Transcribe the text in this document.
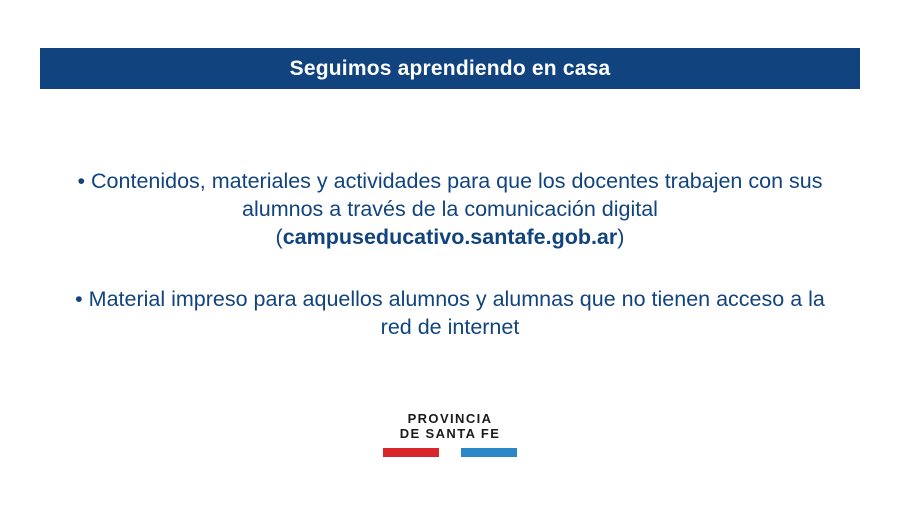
Seguimos aprendiendo en casa

• Contenidos, materiales y actividades para que los docentes trabajen con sus alumnos a través de la comunicación digital (campuseducativo.santafe.gob.ar)

• Material impreso para aquellos alumnos y alumnas que no tienen acceso a la red de internet

PROVINCIA
DE SANTA FE
